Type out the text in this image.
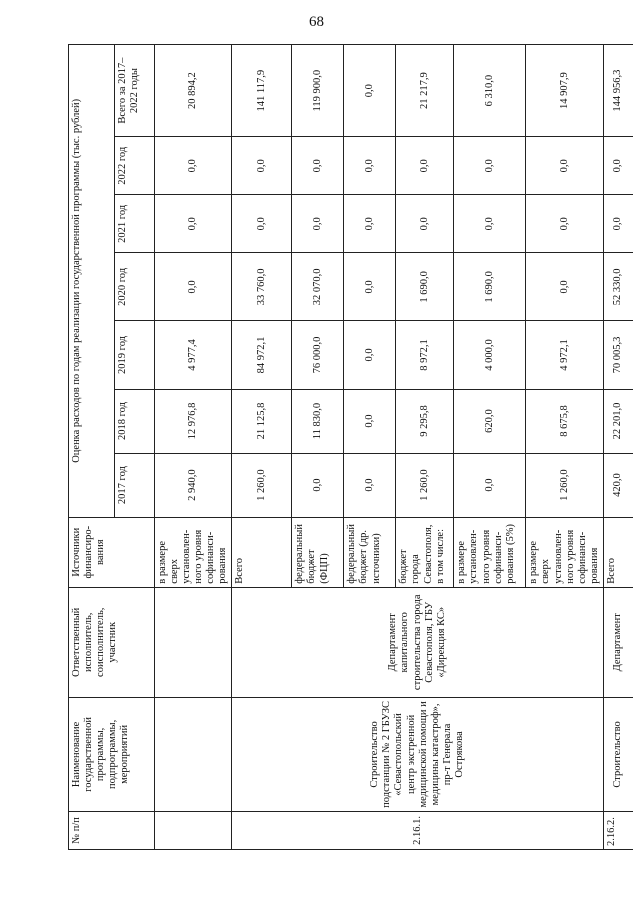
68
№ п/п	Наименование государственной программы, подпрограммы, мероприятий	Ответственный исполнитель, соисполнитель, участник	Источники финансиро-вания	Оценка расходов по годам реализации государственной программы (тыс. рублей)						
				2017 год	2018 год	2019 год	2020 год	2021 год	2022 год	Всего за 2017–2022 годы
			в размере сверх установлен-ного уровня софинанси-рования	2 940,0	12 976,8	4 977,4	0,0	0,0	0,0	20 894,2
2.16.1.	Строительство подстанции № 2 ГБУЗС «Севастопольский центр экстренной медицинской помощи и медицины катастроф», пр-т Генерала Острякова	Департамент капитального строительства города Севастополя, ГБУ «Дирекция КС»	Всего	1 260,0	21 125,8	84 972,1	33 760,0	0,0	0,0	141 117,9
			федеральный бюджет (ФЦП)	0,0	11 830,0	76 000,0	32 070,0	0,0	0,0	119 900,0
			федеральный бюджет (др. источники)	0,0	0,0	0,0	0,0	0,0	0,0	0,0
			бюджет города Севастополя, в том числе:	1 260,0	9 295,8	8 972,1	1 690,0	0,0	0,0	21 217,9
			в размере установлен-ного уровня софинанси-рования (5%)	0,0	620,0	4 000,0	1 690,0	0,0	0,0	6 310,0
			в размере сверх установлен-ного уровня софинанси-рования	1 260,0	8 675,8	4 972,1	0,0	0,0	0,0	14 907,9
2.16.2.	Строительство	Департамент	Всего	420,0	22 201,0	70 005,3	52 330,0	0,0	0,0	144 956,3
